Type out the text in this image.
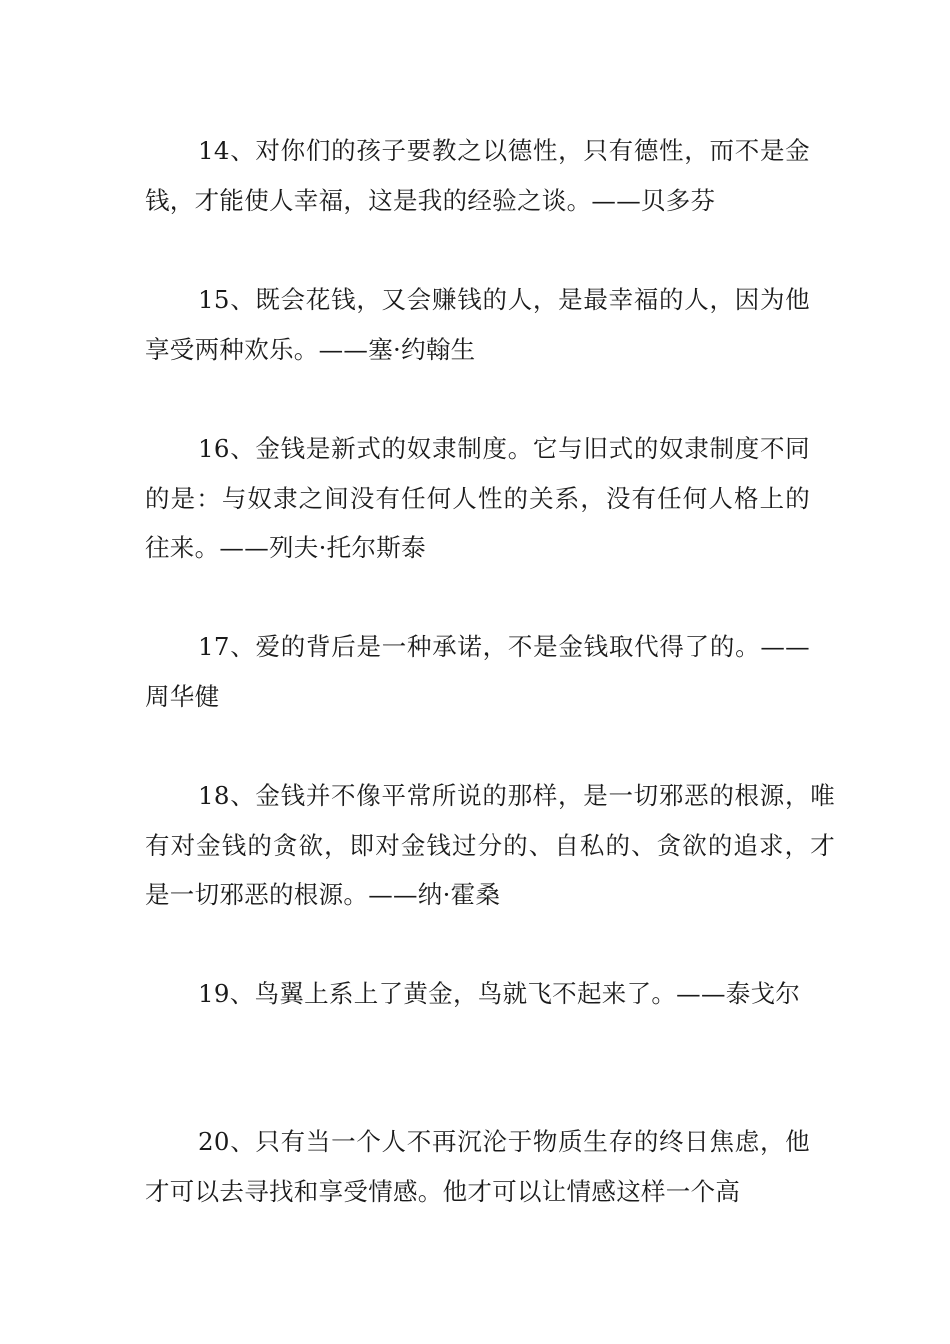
14、对你们的孩子要教之以德性，只有德性，而不是金钱，才能使人幸福，这是我的经验之谈。——贝多芬

15、既会花钱，又会赚钱的人，是最幸福的人，因为他享受两种欢乐。——塞·约翰生

16、金钱是新式的奴隶制度。它与旧式的奴隶制度不同的是：与奴隶之间没有任何人性的关系，没有任何人格上的往来。——列夫·托尔斯泰

17、爱的背后是一种承诺，不是金钱取代得了的。——周华健

18、金钱并不像平常所说的那样，是一切邪恶的根源，唯有对金钱的贪欲，即对金钱过分的、自私的、贪欲的追求，才是一切邪恶的根源。——纳·霍桑

19、鸟翼上系上了黄金，鸟就飞不起来了。——泰戈尔

20、只有当一个人不再沉沦于物质生存的终日焦虑，他才可以去寻找和享受情感。他才可以让情感这样一个高
